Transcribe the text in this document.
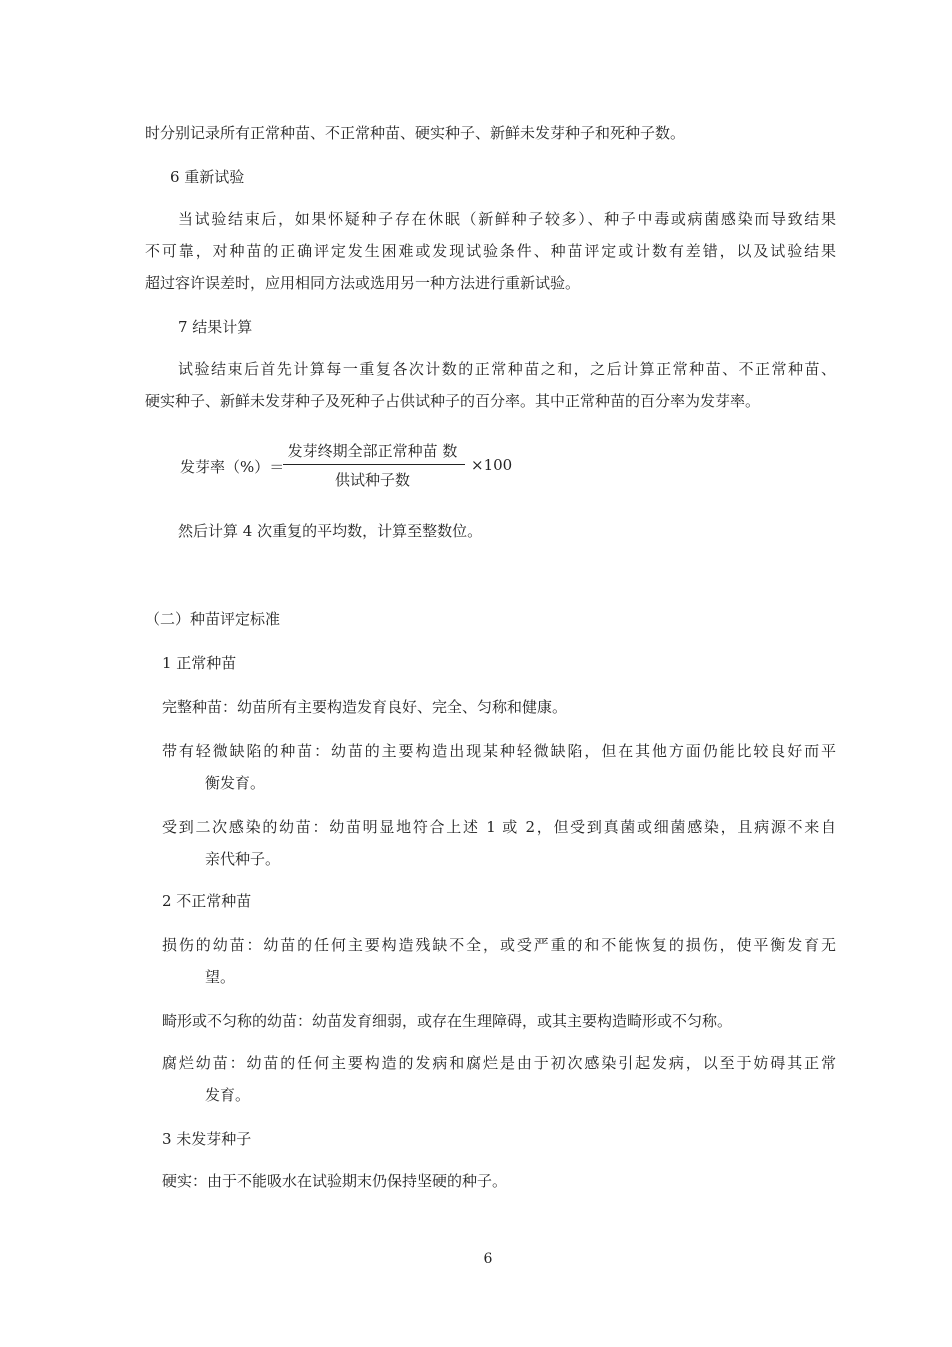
时分别记录所有正常种苗、不正常种苗、硬实种子、新鲜未发芽种子和死种子数。
6 重新试验
当试验结束后，如果怀疑种子存在休眠（新鲜种子较多）、种子中毒或病菌感染而导致结果
不可靠，对种苗的正确评定发生困难或发现试验条件、种苗评定或计数有差错，以及试验结果
超过容许误差时，应用相同方法或选用另一种方法进行重新试验。
7 结果计算
试验结束后首先计算每一重复各次计数的正常种苗之和，之后计算正常种苗、不正常种苗、
硬实种子、新鲜未发芽种子及死种子占供试种子的百分率。其中正常种苗的百分率为发芽率。
发芽率（%）＝
发芽终期全部正常种苗 数
供试种子数
×100
然后计算 4 次重复的平均数，计算至整数位。
（二）种苗评定标准
1 正常种苗
完整种苗：幼苗所有主要构造发育良好、完全、匀称和健康。
带有轻微缺陷的种苗：幼苗的主要构造出现某种轻微缺陷，但在其他方面仍能比较良好而平
衡发育。
受到二次感染的幼苗：幼苗明显地符合上述 1 或 2，但受到真菌或细菌感染，且病源不来自
亲代种子。
2 不正常种苗
损伤的幼苗：幼苗的任何主要构造残缺不全，或受严重的和不能恢复的损伤，使平衡发育无
望。
畸形或不匀称的幼苗：幼苗发育细弱，或存在生理障碍，或其主要构造畸形或不匀称。
腐烂幼苗：幼苗的任何主要构造的发病和腐烂是由于初次感染引起发病，以至于妨碍其正常
发育。
3 未发芽种子
硬实：由于不能吸水在试验期末仍保持坚硬的种子。
6
